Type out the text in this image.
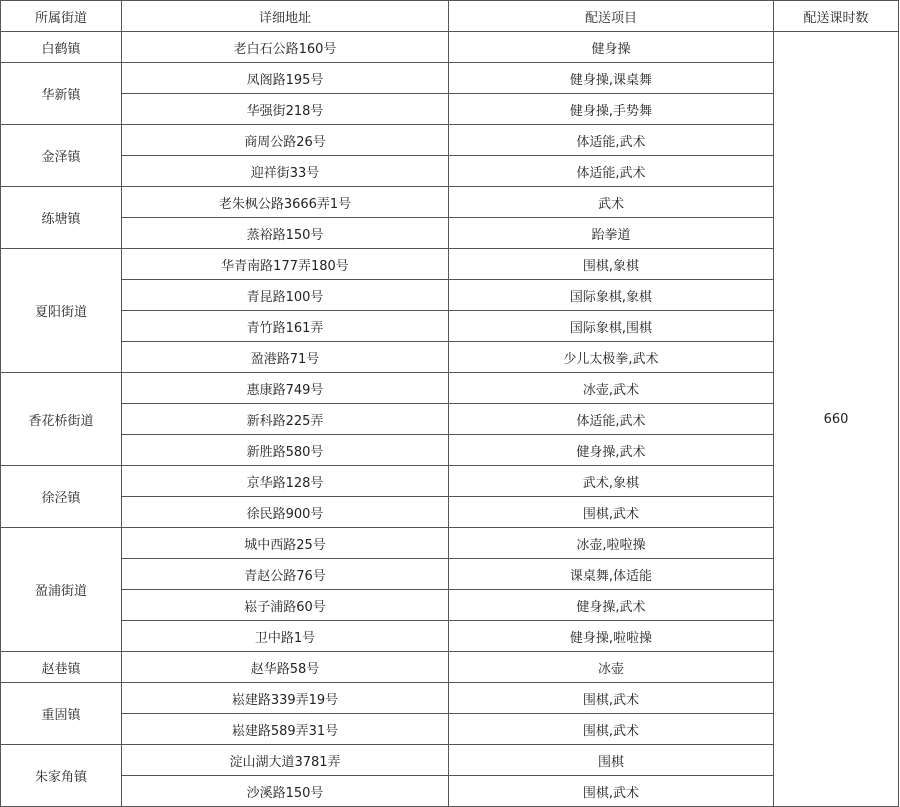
所属街道	详细地址	配送项目	配送课时数
白鹤镇	老白石公路160号	健身操	660
华新镇	凤阁路195号	健身操,课桌舞	
	华强街218号	健身操,手势舞	
金泽镇	商周公路26号	体适能,武术	
	迎祥街33号	体适能,武术	
练塘镇	老朱枫公路3666弄1号	武术	
	蒸裕路150号	跆拳道	
夏阳街道	华青南路177弄180号	围棋,象棋	
	青昆路100号	国际象棋,象棋	
	青竹路161弄	国际象棋,围棋	
	盈港路71号	少儿太极拳,武术	
香花桥街道	惠康路749号	冰壶,武术	
	新科路225弄	体适能,武术	
	新胜路580号	健身操,武术	
徐泾镇	京华路128号	武术,象棋	
	徐民路900号	围棋,武术	
盈浦街道	城中西路25号	冰壶,啦啦操	
	青赵公路76号	课桌舞,体适能	
	崧子浦路60号	健身操,武术	
	卫中路1号	健身操,啦啦操	
赵巷镇	赵华路58号	冰壶	
重固镇	崧建路339弄19号	围棋,武术	
	崧建路589弄31号	围棋,武术	
朱家角镇	淀山湖大道3781弄	围棋	
	沙溪路150号	围棋,武术	
